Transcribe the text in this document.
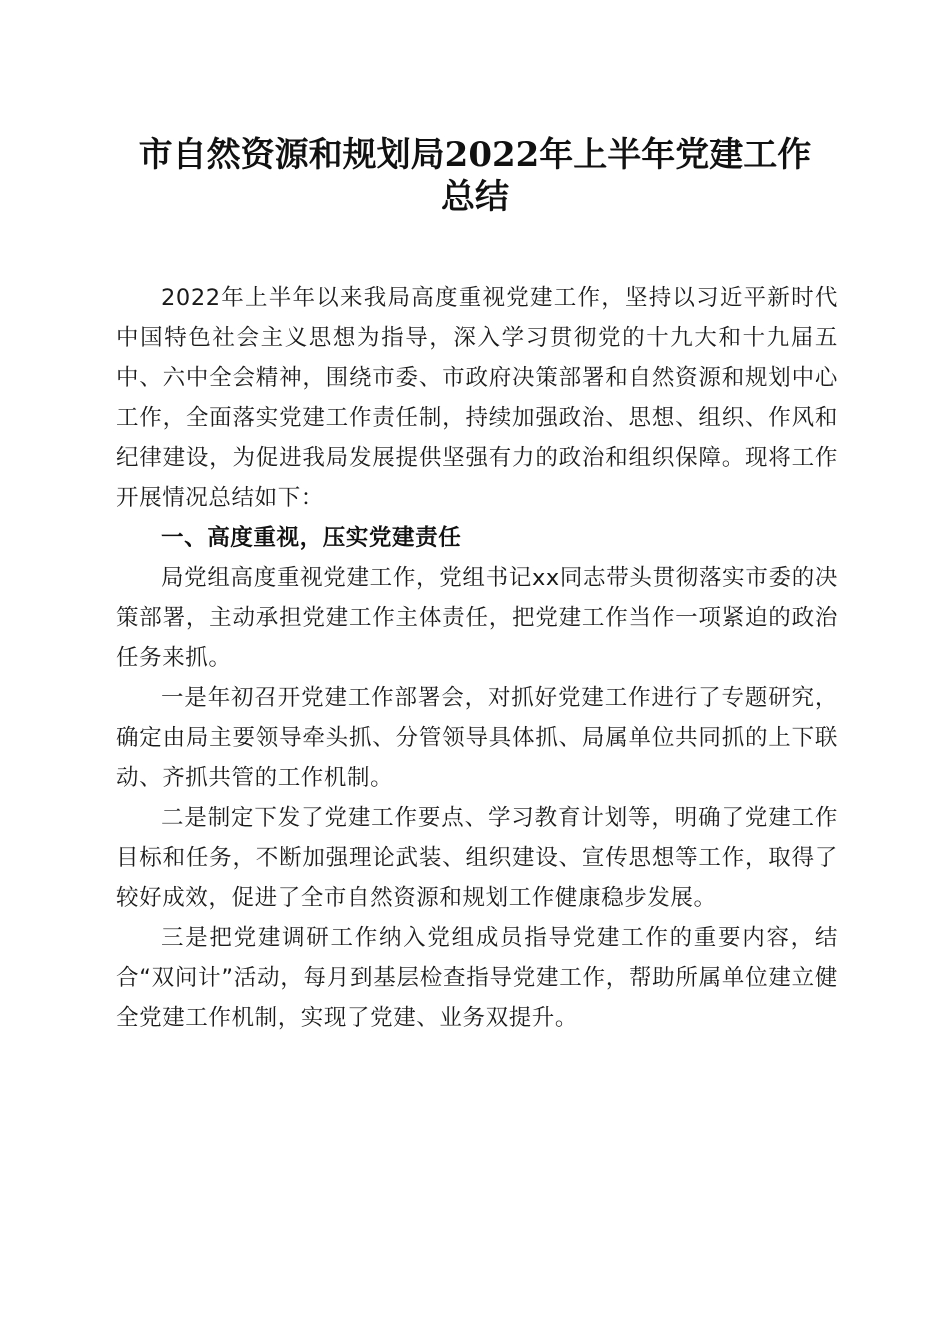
市自然资源和规划局2022年上半年党建工作
总结

2022年上半年以来我局高度重视党建工作，坚持以习近平新时代中国特色社会主义思想为指导，深入学习贯彻党的十九大和十九届五中、六中全会精神，围绕市委、市政府决策部署和自然资源和规划中心工作，全面落实党建工作责任制，持续加强政治、思想、组织、作风和纪律建设，为促进我局发展提供坚强有力的政治和组织保障。现将工作开展情况总结如下：

一、高度重视，压实党建责任

局党组高度重视党建工作，党组书记xx同志带头贯彻落实市委的决策部署，主动承担党建工作主体责任，把党建工作当作一项紧迫的政治任务来抓。

一是年初召开党建工作部署会，对抓好党建工作进行了专题研究，确定由局主要领导牵头抓、分管领导具体抓、局属单位共同抓的上下联动、齐抓共管的工作机制。

二是制定下发了党建工作要点、学习教育计划等，明确了党建工作目标和任务，不断加强理论武装、组织建设、宣传思想等工作，取得了较好成效，促进了全市自然资源和规划工作健康稳步发展。

三是把党建调研工作纳入党组成员指导党建工作的重要内容，结合“双问计”活动，每月到基层检查指导党建工作，帮助所属单位建立健全党建工作机制，实现了党建、业务双提升。
